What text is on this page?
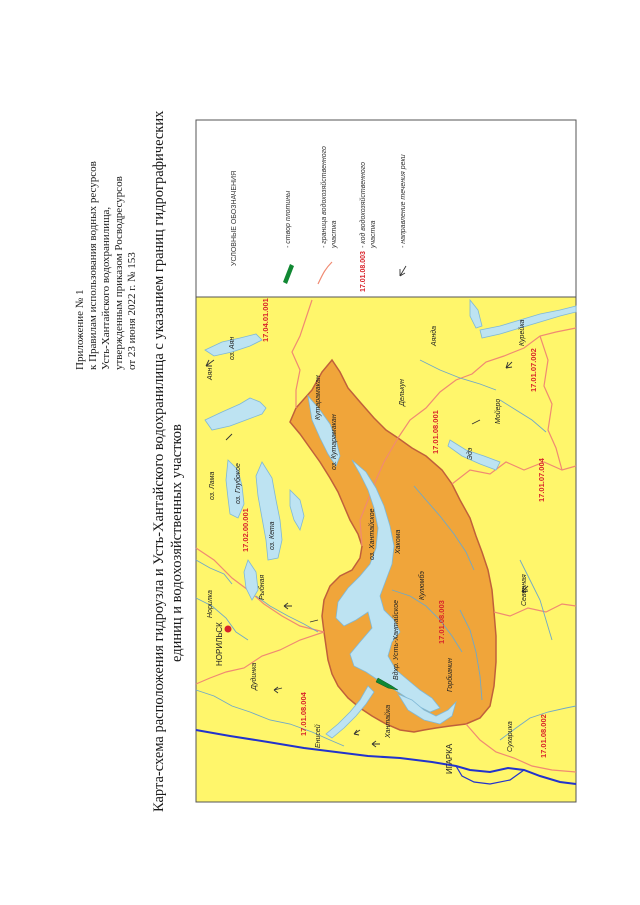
Приложение № 1 к Правилам использования водных ресурсов Усть-Хантайского водохранилища, утвержденным приказом Росводресурсов от 23 июня 2022 г. № 153 Карта-схема расположения гидроузла и Усть-Хантайского водохранилища с указанием границ гидрографических единиц и водохозяйственных участков
17.04.01.001
17.02.00.001
17.01.08.004
17.01.08.003
17.01.08.001
17.01.07.002
17.01.07.004
17.01.08.002
оз. Аян
оз. Лама	оз. Глубокое
оз. Кета	оз. Хантайское
оз. Кутарамакан
Аян
Норилка
Рыбная
Дудинка
Хантайка
Кутарамакан
Хакома
Кулюмбэ
Горбиачин
Енисей
Курейка
Северная
Сухарика
Делькун
Аянда
Эдэ
Мойеро
Вдхр. Усть-Хантайское
НОРИЛЬСК
ИГАРКА
УСЛОВНЫЕ ОБОЗНАЧЕНИЯ	- створ плотины	- граница водохозяйственного участка
17.01.08.003
- код водохозяйственного участка	- направление течения реки
